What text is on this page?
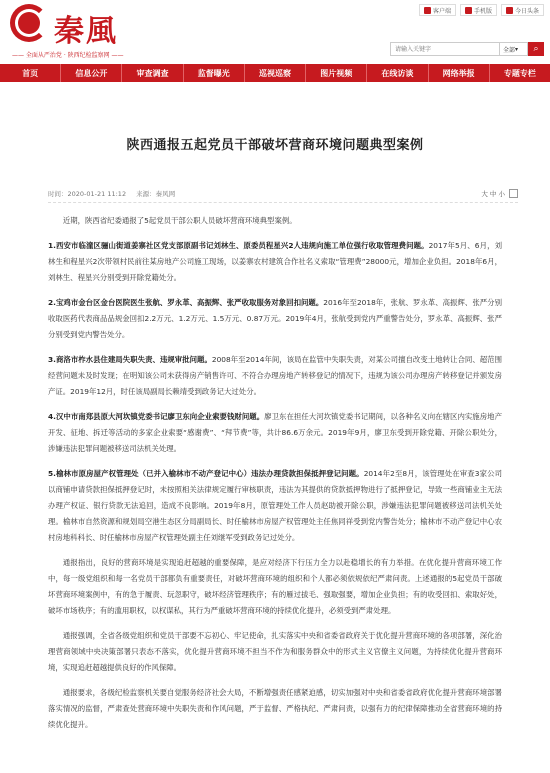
秦風
—— 全面从严治党 · 陕西纪检监察网 ——
客户端	手机版	今日头条
请输入关键字
全部 ▾	⌕
首页	信息公开	审查调查	监督曝光	巡视巡察	图片视频	在线访谈	网络举报	专题专栏
陕西通报五起党员干部破坏营商环境问题典型案例
时间：2020-01-21 11:12 来源：秦风网	大 中 小

近期，陕西省纪委通报了5起党员干部公职人员破坏营商环境典型案例。

1.西安市临潼区骊山街道姜寨社区党支部原副书记刘林生、原委员程星兴2人违规向施工单位强行收取管理费问题。2017年5月、6月，刘林生和程星兴2次带领村民前往某房地产公司施工现场，以姜寨农村建筑合作社名义索取“管理费”28000元，增加企业负担。2018年6月，刘林生、程星兴分别受到开除党籍处分。

2.宝鸡市金台区金台医院医生张航、罗永革、高振辉、张严收取服务对象回扣问题。2016年至2018年，张航、罗永革、高振辉、张严分别收取医药代表商品品规金回扣2.2万元、1.2万元、1.5万元、0.87万元。2019年4月，张航受到党内严重警告处分，罗永革、高振辉、张严分别受到党内警告处分。

3.商洛市柞水县住建局失职失责、违规审批问题。2008年至2014年间，该局在监管中失职失责，对某公司擅自改变土地转让合同、超范围经营问题未及时发现；在明知该公司未获得房产销售许可、不符合办理房地产转移登记的情况下，违规为该公司办理房产转移登记并颁发房产证。2019年12月，时任该局副局长赖靖受到政务记大过处分。

4.汉中市南郑县原大河坎镇党委书记廖卫东向企业索要钱财问题。廖卫东在担任大河坎镇党委书记期间，以各种名义向在辖区内实施房地产开发、征地、拆迁等活动的多家企业索要“感谢费”、“拜节费”等，共计86.6万余元。2019年9月，廖卫东受到开除党籍、开除公职处分，涉嫌违法犯罪问题被移送司法机关处理。

5.榆林市原房屋产权管理处（已并入榆林市不动产登记中心）违法办理贷款担保抵押登记问题。2014年2至8月，该管理处在审查3家公司以商铺申请贷款担保抵押登记时，未按照相关法律规定履行审核职责，违法为其提供的贷款抵押物进行了抵押登记，导致一些商铺业主无法办理产权证、银行贷款无法追回，造成不良影响。2019年8月，原管理处工作人员赵助被开除公职，涉嫌违法犯罪问题被移送司法机关处理。榆林市自然资源和规划局空港生态区分局副局长、时任榆林市房屋产权管理处主任焦同祥受到党内警告处分；榆林市不动产登记中心农村房地科科长、时任榆林市房屋产权管理处副主任刘继军受到政务记过处分。

通报指出，良好的营商环境是实现追赶超越的重要保障，是应对经济下行压力全力以赴稳增长的有力举措。在优化提升营商环境工作中，每一级党组织和每一名党员干部都负有重要责任，对破坏营商环境的组织和个人都必须依规依纪严肃问责。上述通报的5起党员干部破坏营商环境案例中，有的急于履责、玩忽职守，破坏经济管理秩序；有的雁过拔毛、强取强要，增加企业负担；有的收受回扣、索取好处，破坏市场秩序；有的滥用职权，以权谋私，其行为严重破坏营商环境的持续优化提升，必须受到严肃处理。

通报强调，全省各级党组织和党员干部要不忘初心、牢记使命，扎实落实中央和省委省政府关于优化提升营商环境的各项部署，深化治理营商领域中央决策部署只表态不落实，优化提升营商环境不担当不作为和服务群众中的形式主义官僚主义问题，为持续优化提升营商环境，实现追赶超越提供良好的作风保障。

通报要求，各级纪检监察机关要自觉服务经济社会大局，不断增强责任感紧迫感，切实加强对中央和省委省政府优化提升营商环境部署落实情况的监督，严肃查处营商环境中失职失责和作风问题，严于监督、严格执纪、严肃问责，以强有力的纪律保障推动全省营商环境的持续优化提升。
